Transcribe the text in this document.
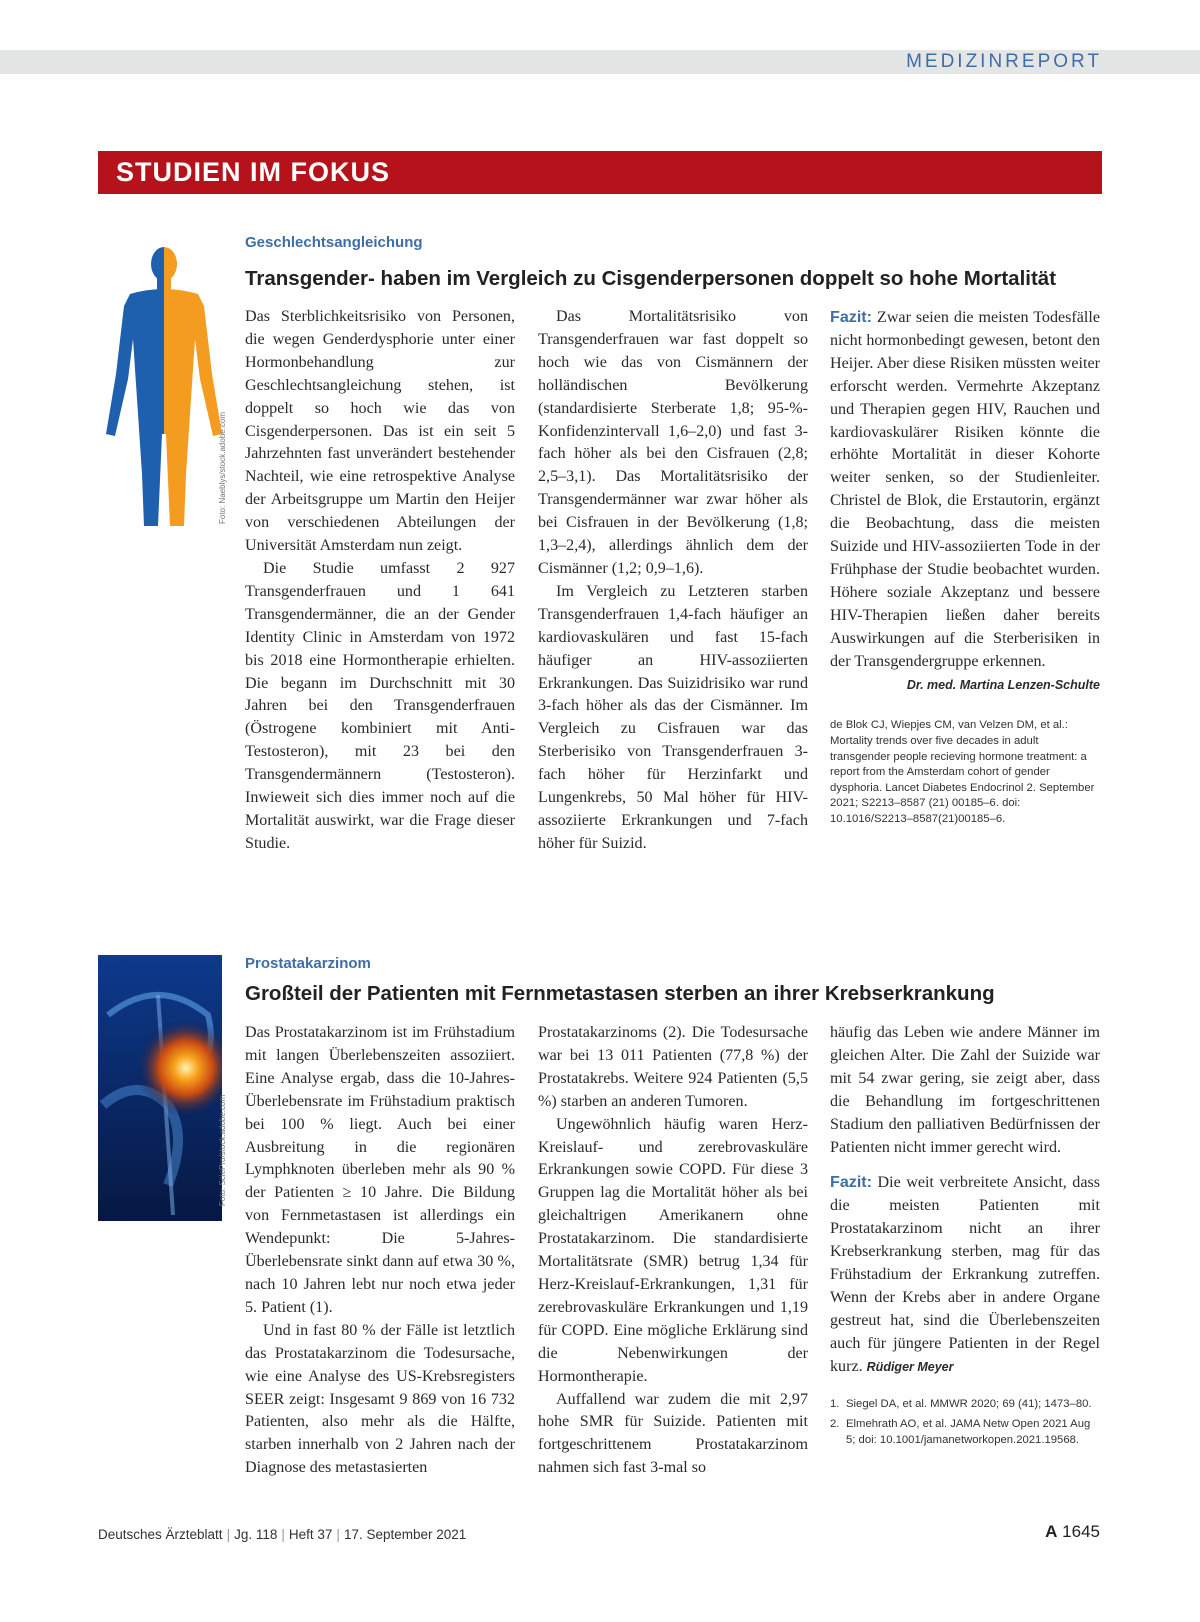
MEDIZINREPORT
STUDIEN IM FOKUS
Foto: Naeblys/stock.adobe.com
Geschlechtsangleichung
Transgender- haben im Vergleich zu Cisgenderpersonen doppelt so hohe Mortalität

Das Sterblichkeitsrisiko von Personen, die wegen Genderdysphorie unter einer Hormonbehandlung zur Geschlechtsangleichung stehen, ist doppelt so hoch wie das von Cisgenderpersonen. Das ist ein seit 5 Jahrzehnten fast unverändert bestehender Nachteil, wie eine retrospektive Analyse der Arbeitsgruppe um Martin den Heijer von verschiedenen Abteilungen der Universität Amsterdam nun zeigt.

Die Studie umfasst 2 927 Transgenderfrauen und 1 641 Transgendermänner, die an der Gender Identity Clinic in Amsterdam von 1972 bis 2018 eine Hormontherapie erhielten. Die begann im Durchschnitt mit 30 Jahren bei den Transgenderfrauen (Östrogene kombiniert mit Anti-Testosteron), mit 23 bei den Transgendermännern (Testosteron). Inwieweit sich dies immer noch auf die Mortalität auswirkt, war die Frage dieser Studie.

Das Mortalitätsrisiko von Transgenderfrauen war fast doppelt so hoch wie das von Cismännern der holländischen Bevölkerung (standardisierte Sterberate 1,8; 95-%-Konfidenzintervall 1,6–2,0) und fast 3-fach höher als bei den Cisfrauen (2,8; 2,5–3,1). Das Mortalitätsrisiko der Transgendermänner war zwar höher als bei Cisfrauen in der Bevölkerung (1,8; 1,3–2,4), allerdings ähnlich dem der Cismänner (1,2; 0,9–1,6).

Im Vergleich zu Letzteren starben Transgenderfrauen 1,4-fach häufiger an kardiovaskulären und fast 15-fach häufiger an HIV-assoziierten Erkrankungen. Das Suizidrisiko war rund 3-fach höher als das der Cismänner. Im Vergleich zu Cisfrauen war das Sterberisiko von Transgenderfrauen 3-fach höher für Herzinfarkt und Lungenkrebs, 50 Mal höher für HIV-assoziierte Erkrankungen und 7-fach höher für Suizid.

Fazit: Zwar seien die meisten Todesfälle nicht hormonbedingt gewesen, betont den Heijer. Aber diese Risiken müssten weiter erforscht werden. Vermehrte Akzeptanz und Therapien gegen HIV, Rauchen und kardiovaskulärer Risiken könnte die erhöhte Mortalität in dieser Kohorte weiter senken, so der Studienleiter. Christel de Blok, die Erstautorin, ergänzt die Beobachtung, dass die meisten Suizide und HIV-assoziierten Tode in der Frühphase der Studie beobachtet wurden. Höhere soziale Akzeptanz und bessere HIV-Therapien ließen daher bereits Auswirkungen auf die Sterberisiken in der Transgendergruppe erkennen.

Dr. med. Martina Lenzen-Schulte
de Blok CJ, Wiepjes CM, van Velzen DM, et al.: Mortality trends over five decades in adult transgender people recieving hormone treatment: a report from the Amsterdam cohort of gender dysphoria. Lancet Diabetes Endocrinol 2. September 2021; S2213–8587 (21) 00185–6. doi: 10.1016/S2213–8587(21)00185–6.
Foto: SciePro/stock.adobe.com
Prostatakarzinom
Großteil der Patienten mit Fernmetastasen sterben an ihrer Krebserkrankung

Das Prostatakarzinom ist im Frühstadium mit langen Überlebenszeiten assoziiert. Eine Analyse ergab, dass die 10-Jahres-Überlebensrate im Frühstadium praktisch bei 100 % liegt. Auch bei einer Ausbreitung in die regionären Lymphknoten überleben mehr als 90 % der Patienten ≥ 10 Jahre. Die Bildung von Fernmetastasen ist allerdings ein Wendepunkt: Die 5-Jahres-Überlebensrate sinkt dann auf etwa 30 %, nach 10 Jahren lebt nur noch etwa jeder 5. Patient (1).

Und in fast 80 % der Fälle ist letztlich das Prostatakarzinom die Todesursache, wie eine Analyse des US-Krebsregisters SEER zeigt: Insgesamt 9 869 von 16 732 Patienten, also mehr als die Hälfte, starben innerhalb von 2 Jahren nach der Diagnose des metastasierten

Prostatakarzinoms (2). Die Todesursache war bei 13 011 Patienten (77,8 %) der Prostatakrebs. Weitere 924 Patienten (5,5 %) starben an anderen Tumoren.

Ungewöhnlich häufig waren Herz-Kreislauf- und zerebrovaskuläre Erkrankungen sowie COPD. Für diese 3 Gruppen lag die Mortalität höher als bei gleichaltrigen Amerikanern ohne Prostatakarzinom. Die standardisierte Mortalitätsrate (SMR) betrug 1,34 für Herz-Kreislauf-Erkrankungen, 1,31 für zerebrovaskuläre Erkrankungen und 1,19 für COPD. Eine mögliche Erklärung sind die Nebenwirkungen der Hormontherapie.

Auffallend war zudem die mit 2,97 hohe SMR für Suizide. Patienten mit fortgeschrittenem Prostatakarzinom nahmen sich fast 3-mal so

häufig das Leben wie andere Männer im gleichen Alter. Die Zahl der Suizide war mit 54 zwar gering, sie zeigt aber, dass die Behandlung im fortgeschrittenen Stadium den palliativen Bedürfnissen der Patienten nicht immer gerecht wird.

Fazit: Die weit verbreitete Ansicht, dass die meisten Patienten mit Prostatakarzinom nicht an ihrer Krebserkrankung sterben, mag für das Frühstadium der Erkrankung zutreffen. Wenn der Krebs aber in andere Organe gestreut hat, sind die Überlebenszeiten auch für jüngere Patienten in der Regel kurz. Rüdiger Meyer

1. Siegel DA, et al. MMWR 2020; 69 (41); 1473–80.
2. Elmehrath AO, et al. JAMA Netw Open 2021 Aug 5; doi: 10.1001/jamanetworkopen.2021.19568.
Deutsches Ärzteblatt | Jg. 118 | Heft 37 | 17. September 2021	A 1645
